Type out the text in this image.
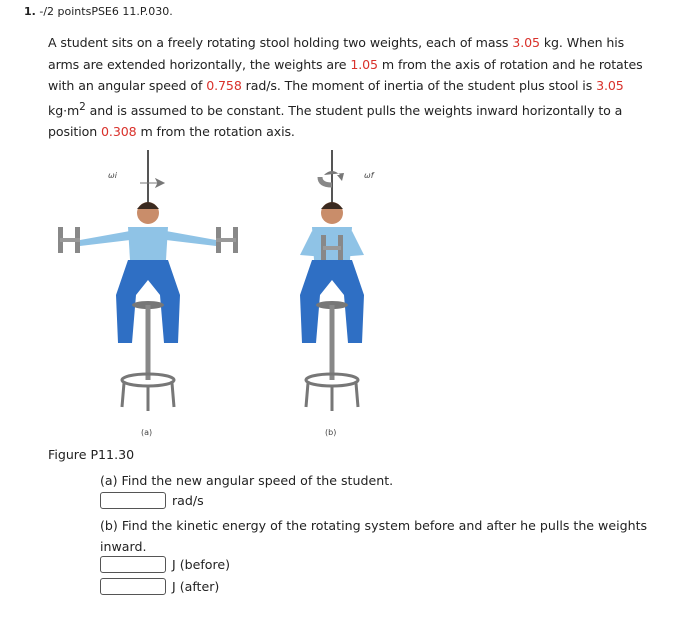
1. -/2 pointsPSE6 11.P.030.
A student sits on a freely rotating stool holding two weights, each of mass 3.05 kg. When his arms are extended horizontally, the weights are 1.05 m from the axis of rotation and he rotates with an angular speed of 0.758 rad/s. The moment of inertia of the student plus stool is 3.05 $kg\cdot m^2$ and is assumed to be constant. The student pulls the weights inward horizontally to a position 0.308 m from the rotation axis.
ωi
(a)
ωf
(b)
Figure P11.30
(a) Find the new angular speed of the student.
rad/s
(b) Find the kinetic energy of the rotating system before and after he pulls the weights inward.
J (before)
J (after)
